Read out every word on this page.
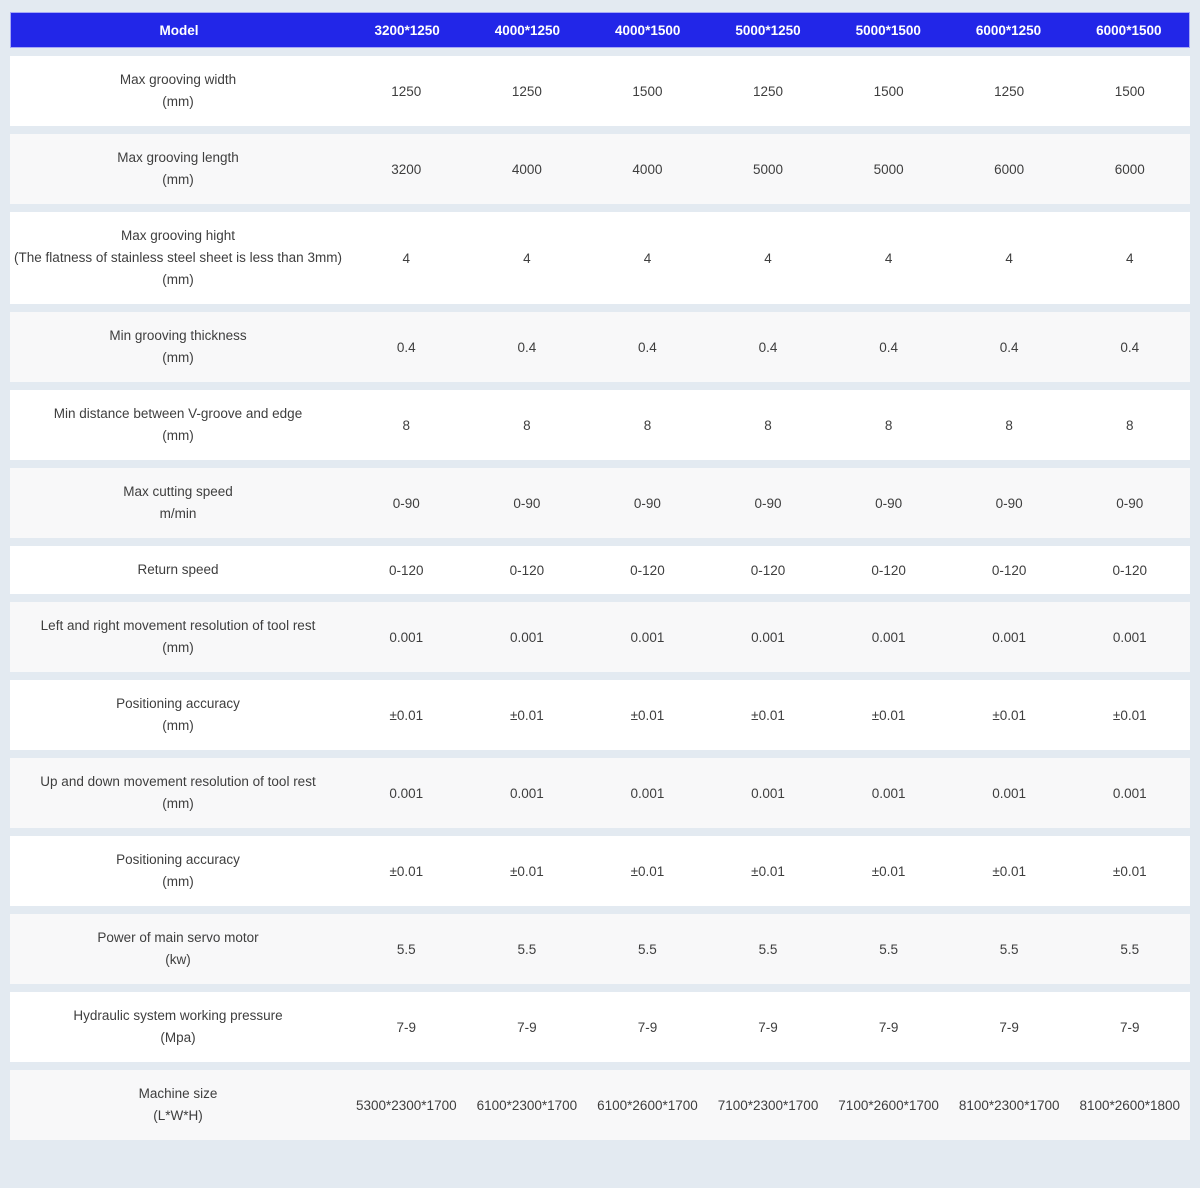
Model	3200*1250	4000*1250	4000*1500	5000*1250	5000*1500	6000*1250	6000*1500
Max grooving width
(mm)
1250	1250	1500	1250	1500	1250	1500
Max grooving length
(mm)
3200	4000	4000	5000	5000	6000	6000
Max grooving hight
(The flatness of stainless steel sheet is less than 3mm)
(mm)
4	4	4	4	4	4	4
Min grooving thickness
(mm)
0.4	0.4	0.4	0.4	0.4	0.4	0.4
Min distance between V-groove and edge
(mm)
8	8	8	8	8	8	8
Max cutting speed
m/min
0-90	0-90	0-90	0-90	0-90	0-90	0-90
Return speed	0-120	0-120	0-120	0-120	0-120	0-120	0-120
Left and right movement resolution of tool rest
(mm)
0.001	0.001	0.001	0.001	0.001	0.001	0.001
Positioning accuracy
(mm)
±0.01	±0.01	±0.01	±0.01	±0.01	±0.01	±0.01
Up and down movement resolution of tool rest
(mm)
0.001	0.001	0.001	0.001	0.001	0.001	0.001
Positioning accuracy
(mm)
±0.01	±0.01	±0.01	±0.01	±0.01	±0.01	±0.01
Power of main servo motor
(kw)
5.5	5.5	5.5	5.5	5.5	5.5	5.5
Hydraulic system working pressure
(Mpa)
7-9	7-9	7-9	7-9	7-9	7-9	7-9
Machine size
(L*W*H)
5300*2300*1700	6100*2300*1700	6100*2600*1700	7100*2300*1700	7100*2600*1700	8100*2300*1700	8100*2600*1800
